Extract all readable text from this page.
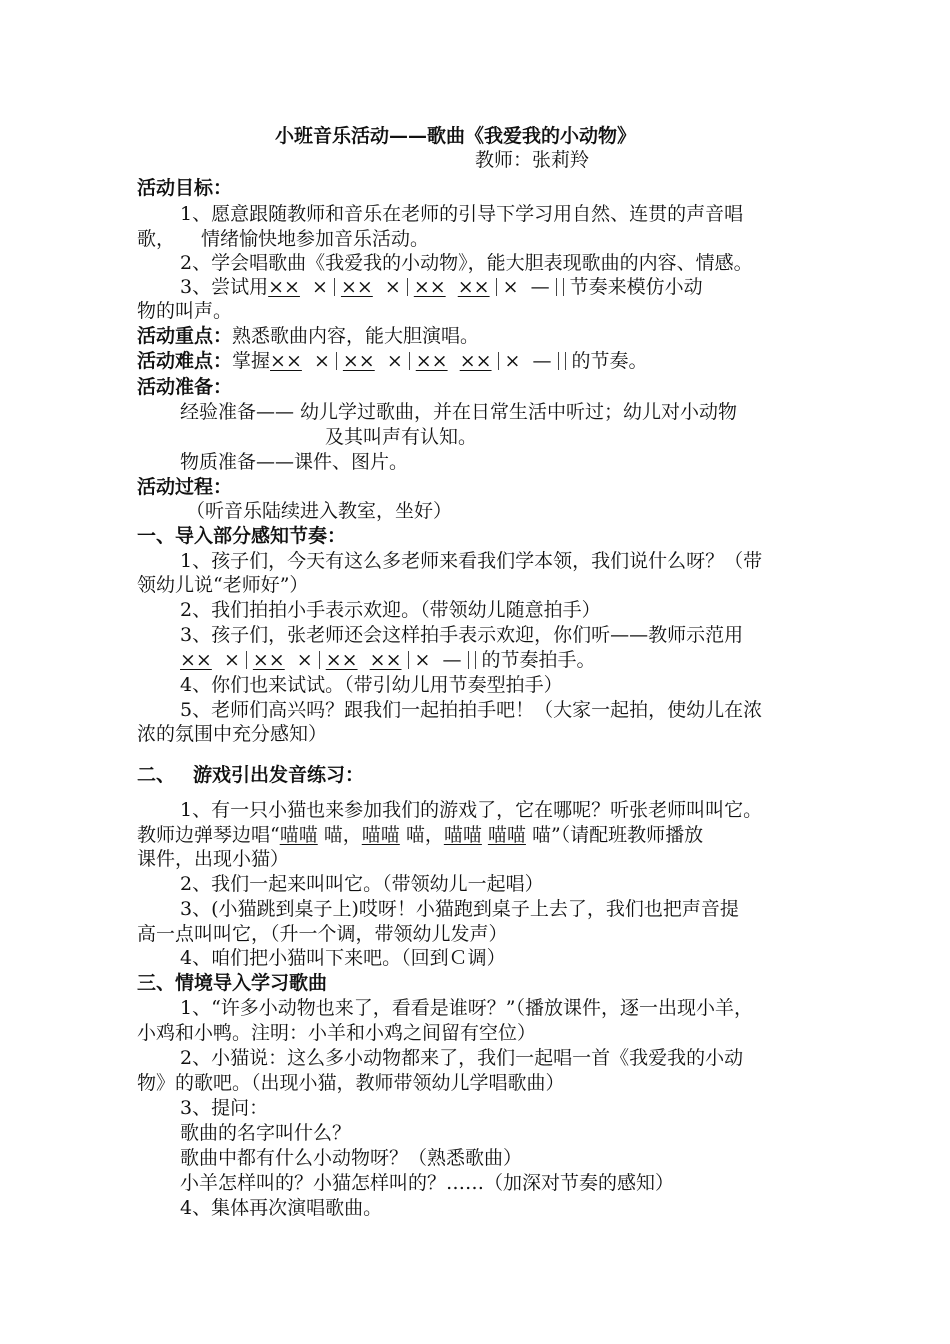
小班音乐活动——歌曲《我爱我的小动物》
教师：张莉羚
活动目标：
1、愿意跟随教师和音乐在老师的引导下学习用自然、连贯的声音唱
歌， 情绪愉快地参加音乐活动。
2、学会唱歌曲《我爱我的小动物》，能大胆表现歌曲的内容、情感。
3、尝试用×× × ×× × ×× ×× × — 节奏来模仿小动
物的叫声。
活动重点：熟悉歌曲内容，能大胆演唱。
活动难点：掌握×× × ×× × ×× ×× × — 的节奏。
活动准备：
经验准备—— 幼儿学过歌曲，并在日常生活中听过；幼儿对小动物
及其叫声有认知。
物质准备——课件、图片。
活动过程：
（听音乐陆续进入教室，坐好）
一、导入部分感知节奏：
1、孩子们，今天有这么多老师来看我们学本领，我们说什么呀？（带
领幼儿说“老师好”）
2、我们拍拍小手表示欢迎。（带领幼儿随意拍手）
3、孩子们，张老师还会这样拍手表示欢迎，你们听——教师示范用
×× × ×× × ×× ×× × — 的节奏拍手。
4、你们也来试试。（带引幼儿用节奏型拍手）
5、老师们高兴吗？跟我们一起拍拍手吧！（大家一起拍，使幼儿在浓
浓的氛围中充分感知）
二、 游戏引出发音练习：
1、有一只小猫也来参加我们的游戏了，它在哪呢？听张老师叫叫它。
教师边弹琴边唱“喵喵 喵，喵喵 喵，喵喵 喵喵 喵”（请配班教师播放
课件，出现小猫）
2、我们一起来叫叫它。（带领幼儿一起唱）
3、(小猫跳到桌子上)哎呀！小猫跑到桌子上去了，我们也把声音提
高一点叫叫它，（升一个调，带领幼儿发声）
4、咱们把小猫叫下来吧。（回到Ｃ调）
三、情境导入学习歌曲
1、“许多小动物也来了，看看是谁呀？”（播放课件，逐一出现小羊，
小鸡和小鸭。注明：小羊和小鸡之间留有空位）
2、小猫说：这么多小动物都来了，我们一起唱一首《我爱我的小动
物》的歌吧。（出现小猫，教师带领幼儿学唱歌曲）
3、提问：
歌曲的名字叫什么？
歌曲中都有什么小动物呀？（熟悉歌曲）
小羊怎样叫的？小猫怎样叫的？……（加深对节奏的感知）
4、集体再次演唱歌曲。
